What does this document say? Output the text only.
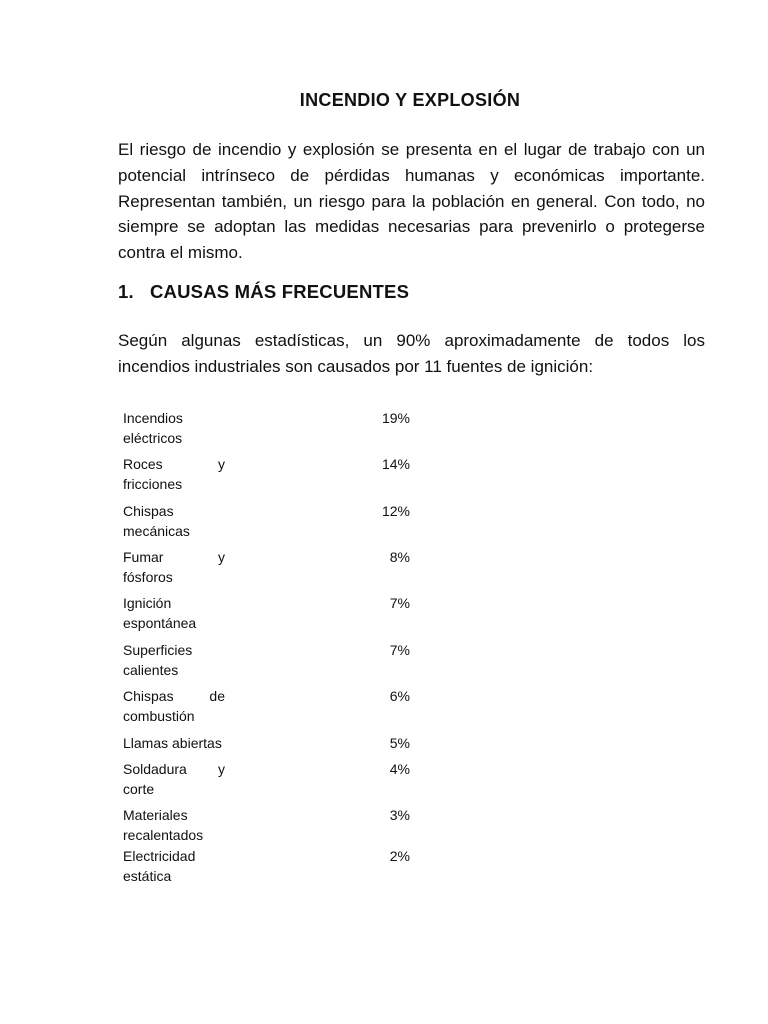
INCENDIO Y EXPLOSIÓN

El riesgo de incendio y explosión se presenta en el lugar de trabajo con un potencial intrínseco de pérdidas humanas y económicas importante. Representan también, un riesgo para la población en general. Con todo, no siempre se adoptan las medidas necesarias para prevenirlo o protegerse contra el mismo.

1. CAUSAS MÁS FRECUENTES

Según algunas estadísticas, un 90% aproximadamente de todos los incendios industriales son causados por 11 fuentes de ignición:

Incendios eléctricos
19%
Roces y fricciones
14%
Chispas mecánicas
12%
Fumar y fósforos
8%
Ignición espontánea
7%
Superficies calientes
7%
Chispas de combustión
6%
Llamas abiertas	5%
Soldadura y corte
4%
Materiales recalentados
3%
Electricidad estática
2%
